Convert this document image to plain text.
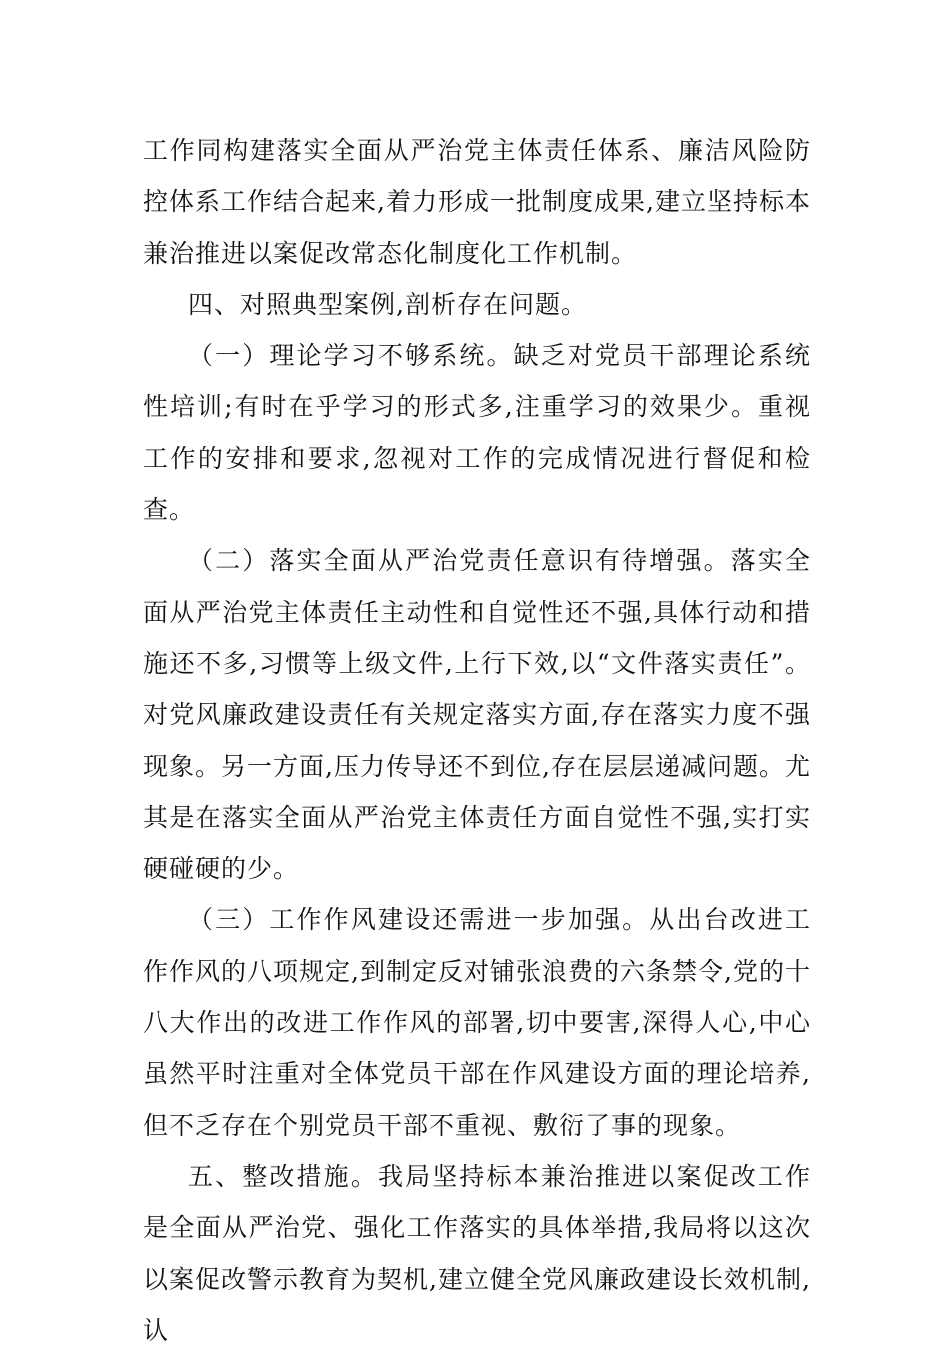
工作同构建落实全面从严治党主体责任体系、廉洁风险防控体系工作结合起来,着力形成一批制度成果,建立坚持标本兼治推进以案促改常态化制度化工作机制。

四、对照典型案例,剖析存在问题。

（一）理论学习不够系统。缺乏对党员干部理论系统性培训;有时在乎学习的形式多,注重学习的效果少。重视工作的安排和要求,忽视对工作的完成情况进行督促和检查。

（二）落实全面从严治党责任意识有待增强。落实全面从严治党主体责任主动性和自觉性还不强,具体行动和措施还不多,习惯等上级文件,上行下效,以“文件落实责任”。对党风廉政建设责任有关规定落实方面,存在落实力度不强现象。另一方面,压力传导还不到位,存在层层递减问题。尤其是在落实全面从严治党主体责任方面自觉性不强,实打实硬碰硬的少。

（三）工作作风建设还需进一步加强。从出台改进工作作风的八项规定,到制定反对铺张浪费的六条禁令,党的十八大作出的改进工作作风的部署,切中要害,深得人心,中心虽然平时注重对全体党员干部在作风建设方面的理论培养,但不乏存在个别党员干部不重视、敷衍了事的现象。

五、整改措施。我局坚持标本兼治推进以案促改工作是全面从严治党、强化工作落实的具体举措,我局将以这次以案促改警示教育为契机,建立健全党风廉政建设长效机制,认
